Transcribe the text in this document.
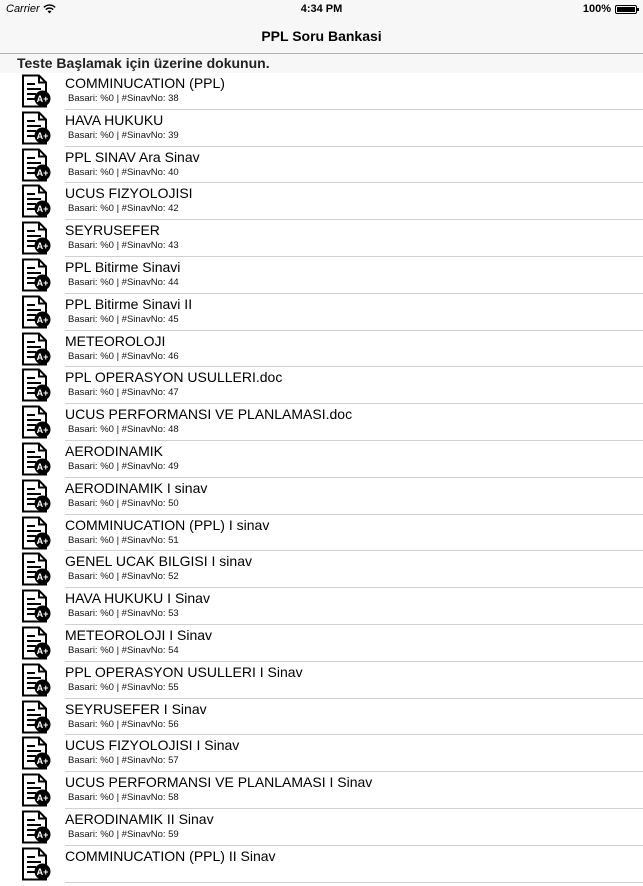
Carrier	4:34 PM	100%
PPL Soru Bankasi
Teste Başlamak için üzerine dokunun.
A+
COMMINUCATION (PPL)
Basari: %0 | #SinavNo: 38
A+
HAVA HUKUKU
Basari: %0 | #SinavNo: 39
A+
PPL SINAV Ara Sinav
Basari: %0 | #SinavNo: 40
A+
UCUS FIZYOLOJISI
Basari: %0 | #SinavNo: 42
A+
SEYRUSEFER
Basari: %0 | #SinavNo: 43
A+
PPL Bitirme Sinavi
Basari: %0 | #SinavNo: 44
A+
PPL Bitirme Sinavi II
Basari: %0 | #SinavNo: 45
A+
METEOROLOJI
Basari: %0 | #SinavNo: 46
A+
PPL OPERASYON USULLERI.doc
Basari: %0 | #SinavNo: 47
A+
UCUS PERFORMANSI VE PLANLAMASI.doc
Basari: %0 | #SinavNo: 48
A+
AERODINAMIK
Basari: %0 | #SinavNo: 49
A+
AERODINAMIK I sinav
Basari: %0 | #SinavNo: 50
A+
COMMINUCATION (PPL) I sinav
Basari: %0 | #SinavNo: 51
A+
GENEL UCAK BILGISI I sinav
Basari: %0 | #SinavNo: 52
A+
HAVA HUKUKU I Sinav
Basari: %0 | #SinavNo: 53
A+
METEOROLOJI I Sinav
Basari: %0 | #SinavNo: 54
A+
PPL OPERASYON USULLERI I Sinav
Basari: %0 | #SinavNo: 55
A+
SEYRUSEFER I Sinav
Basari: %0 | #SinavNo: 56
A+
UCUS FIZYOLOJISI I Sinav
Basari: %0 | #SinavNo: 57
A+
UCUS PERFORMANSI VE PLANLAMASI I Sinav
Basari: %0 | #SinavNo: 58
A+
AERODINAMIK II Sinav
Basari: %0 | #SinavNo: 59
A+
COMMINUCATION (PPL) II Sinav
